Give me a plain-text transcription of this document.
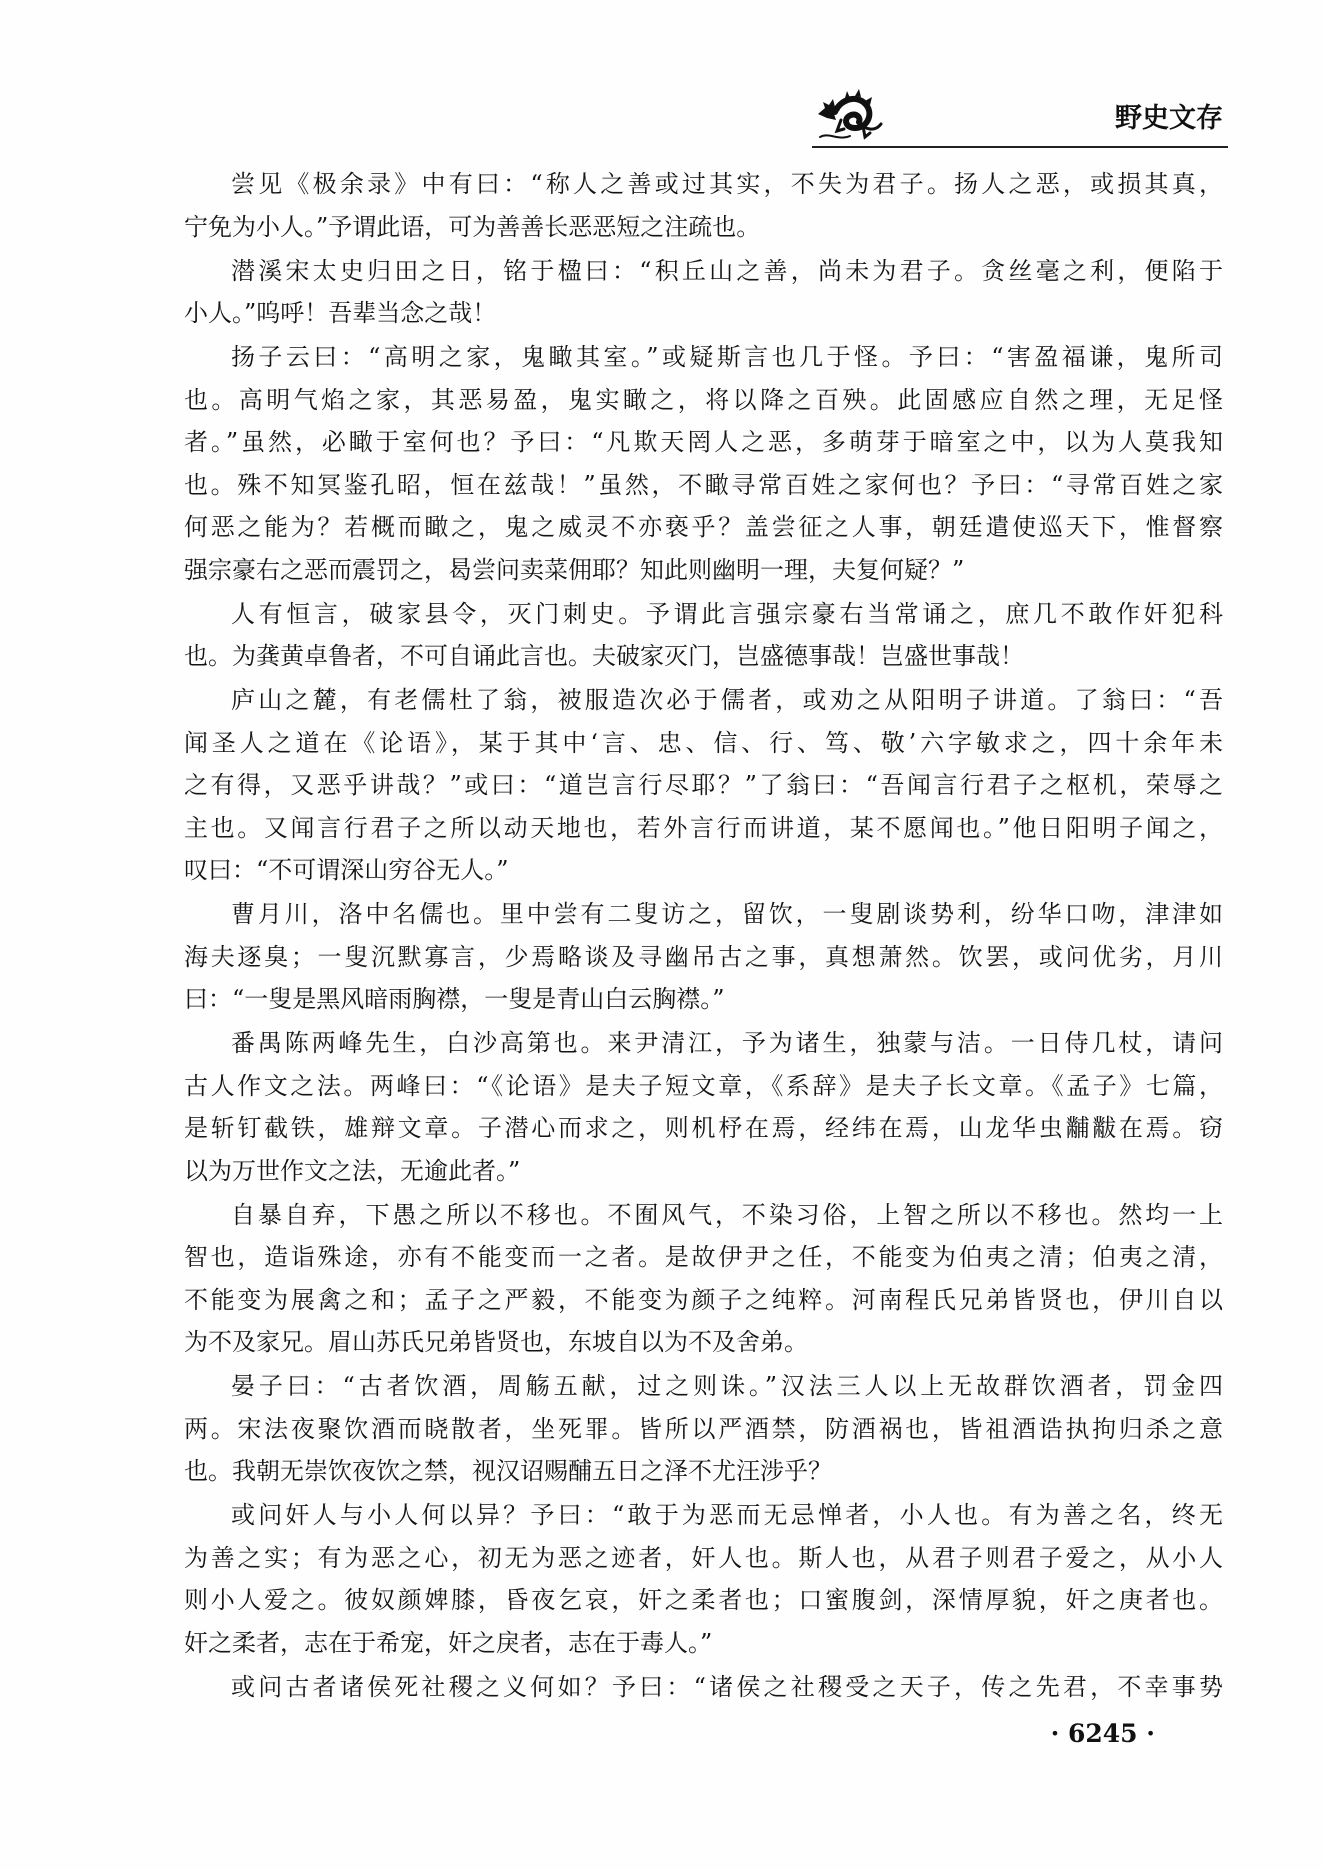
野史文存
尝见《极余录》中有曰：“称人之善或过其实，不失为君子。扬人之恶，或损其真，
宁免为小人。”予谓此语，可为善善长恶恶短之注疏也。
潜溪宋太史归田之日，铭于楹曰：“积丘山之善，尚未为君子。贪丝毫之利，便陷于
小人。”呜呼！吾辈当念之哉！
扬子云曰：“高明之家，鬼瞰其室。”或疑斯言也几于怪。予曰：“害盈福谦，鬼所司
也。高明气焰之家，其恶易盈，鬼实瞰之，将以降之百殃。此固感应自然之理，无足怪
者。”虽然，必瞰于室何也？予曰：“凡欺天罔人之恶，多萌芽于暗室之中，以为人莫我知
也。殊不知冥鉴孔昭，恒在兹哉！”虽然，不瞰寻常百姓之家何也？予曰：“寻常百姓之家
何恶之能为？若概而瞰之，鬼之威灵不亦亵乎？盖尝征之人事，朝廷遣使巡天下，惟督察
强宗豪右之恶而震罚之，曷尝问卖菜佣耶？知此则幽明一理，夫复何疑？”
人有恒言，破家县令，灭门刺史。予谓此言强宗豪右当常诵之，庶几不敢作奸犯科
也。为龚黄卓鲁者，不可自诵此言也。夫破家灭门，岂盛德事哉！岂盛世事哉！
庐山之麓，有老儒杜了翁，被服造次必于儒者，或劝之从阳明子讲道。了翁曰：“吾
闻圣人之道在《论语》，某于其中‘言、忠、信、行、笃、敬’六字敏求之，四十余年未
之有得，又恶乎讲哉？”或曰：“道岂言行尽耶？”了翁曰：“吾闻言行君子之枢机，荣辱之
主也。又闻言行君子之所以动天地也，若外言行而讲道，某不愿闻也。”他日阳明子闻之，
叹曰：“不可谓深山穷谷无人。”
曹月川，洛中名儒也。里中尝有二叟访之，留饮，一叟剧谈势利，纷华口吻，津津如
海夫逐臭；一叟沉默寡言，少焉略谈及寻幽吊古之事，真想萧然。饮罢，或问优劣，月川
曰：“一叟是黑风暗雨胸襟，一叟是青山白云胸襟。”
番禺陈两峰先生，白沙高第也。来尹清江，予为诸生，独蒙与洁。一日侍几杖，请问
古人作文之法。两峰曰：“《论语》是夫子短文章，《系辞》是夫子长文章。《孟子》七篇，
是斩钉截铁，雄辩文章。子潜心而求之，则机杼在焉，经纬在焉，山龙华虫黼黻在焉。窃
以为万世作文之法，无逾此者。”
自暴自弃，下愚之所以不移也。不囿风气，不染习俗，上智之所以不移也。然均一上
智也，造诣殊途，亦有不能变而一之者。是故伊尹之任，不能变为伯夷之清；伯夷之清，
不能变为展禽之和；孟子之严毅，不能变为颜子之纯粹。河南程氏兄弟皆贤也，伊川自以
为不及家兄。眉山苏氏兄弟皆贤也，东坡自以为不及舍弟。
晏子曰：“古者饮酒，周觞五献，过之则诛。”汉法三人以上无故群饮酒者，罚金四
两。宋法夜聚饮酒而晓散者，坐死罪。皆所以严酒禁，防酒祸也，皆祖酒诰执拘归杀之意
也。我朝无崇饮夜饮之禁，视汉诏赐酺五日之泽不尤汪涉乎？
或问奸人与小人何以异？予曰：“敢于为恶而无忌惮者，小人也。有为善之名，终无
为善之实；有为恶之心，初无为恶之迹者，奸人也。斯人也，从君子则君子爱之，从小人
则小人爱之。彼奴颜婢膝，昏夜乞哀，奸之柔者也；口蜜腹剑，深情厚貌，奸之庚者也。
奸之柔者，志在于希宠，奸之戾者，志在于毒人。”
或问古者诸侯死社稷之义何如？予曰：“诸侯之社稷受之天子，传之先君，不幸事势
· 6245 ·
